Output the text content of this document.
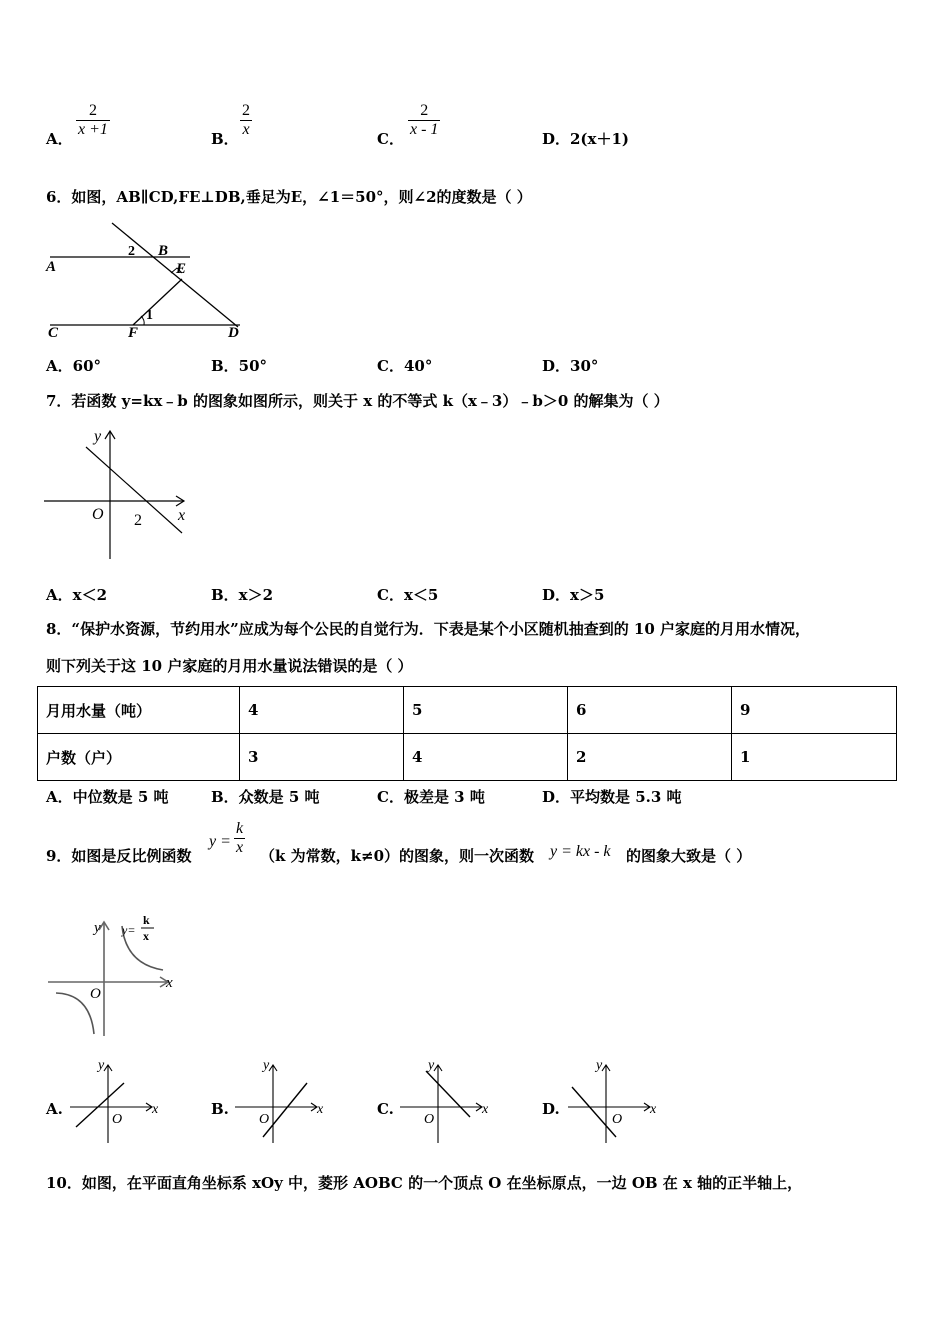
A． $\frac{2}{x +1}$	B． $\frac{2}{x}$	C． $\frac{2}{x - 1}$	D． 2(x＋1)
6．如图，AB∥CD,FE⊥DB,垂足为E，∠1＝50°，则∠2的度数是（ ）
A
B
C	D
E
F
1
2
A．60°	B．50°	C．40°	D．30°
7．若函数 y=kx﹣b 的图象如图所示，则关于 x 的不等式 k（x﹣3）﹣b＞0 的解集为（ ）
y
x
O 2
A．x＜2	B．x＞2	C．x＜5	D．x＞5
8．“保护水资源，节约用水”应成为每个公民的自觉行为．下表是某个小区随机抽查到的 10 户家庭的月用水情况，
则下列关于这 10 户家庭的月用水量说法错误的是（ ）
月用水量（吨）	4	5	6	9
户数（户）	3	4	2	1
A．中位数是 5 吨	B．众数是 5 吨	C．极差是 3 吨	D．平均数是 5.3 吨
9．如图是反比例函数
$y = \frac{k}{x} (k$ 为常数，k≠0）的图象，则一次函数 y = kx - k 的图象大致是（ ）
y
x
O
y=
k
x
A.
y
x
O
B.
y
x
O
C.
y
x
O
D.
y
x
O
10．如图，在平面直角坐标系 xOy 中，菱形 AOBC 的一个顶点 O 在坐标原点，一边 OB 在 x 轴的正半轴上，
